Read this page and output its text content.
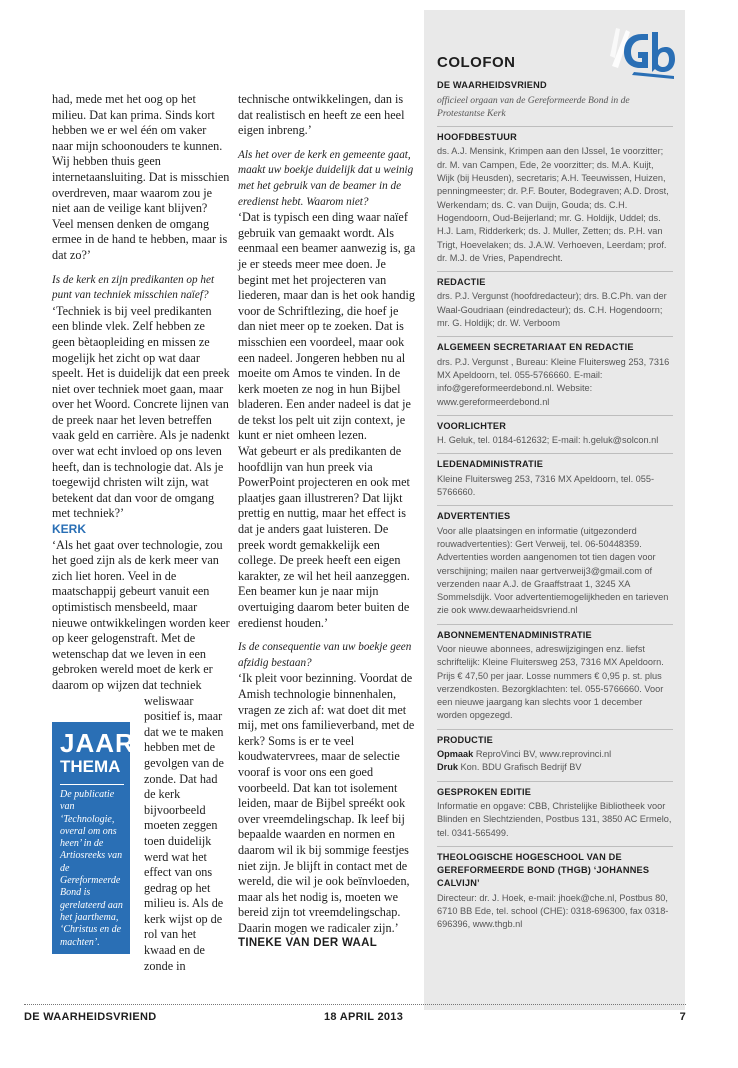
had, mede met het oog op het milieu. Dat kan prima. Sinds kort hebben we er wel één om vaker naar mijn schoonouders te kunnen. Wij hebben thuis geen internetaansluiting. Dat is misschien overdreven, maar waarom zou je niet aan de veilige kant blijven? Veel mensen denken de omgang ermee in de hand te hebben, maar is dat zo?’

Is de kerk en zijn predikanten op het punt van techniek misschien naïef?

‘Techniek is bij veel predikanten een blinde vlek. Zelf hebben ze geen bètaopleiding en missen ze mogelijk het zicht op wat daar speelt. Het is duidelijk dat een preek niet over techniek moet gaan, maar over het Woord. Concrete lijnen van de preek naar het leven betreffen vaak geld en carrière. Als je nadenkt over wat echt invloed op ons leven heeft, dan is technologie dat. Als je toegewijd christen wilt zijn, wat betekent dat dan voor de omgang met techniek?’

KERK

‘Als het gaat over technologie, zou het goed zijn als de kerk meer van zich liet horen. Veel in de maatschappij gebeurt vanuit een optimistisch mensbeeld, maar nieuwe ontwikkelingen worden keer op keer gelogenstraft. Met de wetenschap dat we leven in een gebroken wereld moet de kerk er daarom op wijzen dat techniek

weliswaar positief is, maar dat we te maken hebben met de gevolgen van de zonde. Dat had de kerk bijvoorbeeld moeten zeggen toen duidelijk werd wat het effect van ons gedrag op het milieu is. Als de kerk wijst op de rol van het kwaad en de zonde in

JAAR
THEMA
De publicatie van ‘Technologie, overal om ons heen’ in de Artiosreeks van de Gereformeerde Bond is gerelateerd aan het jaarthema, ‘Christus en de machten’.

technische ontwikkelingen, dan is dat realistisch en heeft ze een heel eigen inbreng.’

Als het over de kerk en gemeente gaat, maakt uw boekje duidelijk dat u weinig met het gebruik van de beamer in de eredienst hebt. Waarom niet?

‘Dat is typisch een ding waar naïef gebruik van gemaakt wordt. Als eenmaal een beamer aanwezig is, ga je er steeds meer mee doen. Je begint met het projecteren van liederen, maar dan is het ook handig voor de Schriftlezing, die hoef je dan niet meer op te zoeken. Dat is misschien een voordeel, maar ook een nadeel. Jongeren hebben nu al moeite om Amos te vinden. In de kerk moeten ze nog in hun Bijbel bladeren. Een ander nadeel is dat je de tekst los pelt uit zijn context, je kunt er niet omheen lezen.

Wat gebeurt er als predikanten de hoofdlijn van hun preek via PowerPoint projecteren en ook met plaatjes gaan illustreren? Dat lijkt prettig en nuttig, maar het effect is dat je anders gaat luisteren. De preek wordt gemakkelijk een college. De preek heeft een eigen karakter, ze wil het heil aanzeggen. Een beamer kun je naar mijn overtuiging daarom beter buiten de eredienst houden.’

Is de consequentie van uw boekje geen afzidig bestaan?

‘Ik pleit voor bezinning. Voordat de Amish technologie binnenhalen, vragen ze zich af: wat doet dit met mij, met ons familieverband, met de kerk? Soms is er te veel koudwatervrees, maar de selectie vooraf is voor ons een goed voorbeeld. Dat kan tot isolement leiden, maar de Bijbel spreékt ook over vreemdelingschap. Ik leef bij bepaalde waarden en normen en daarom wil ik bij sommige feestjes niet zijn. Je blijft in contact met de wereld, die wil je ook beïnvloeden, maar als het nodig is, moeten we bereid zijn tot vreemdelingschap. Daarin mogen we radicaler zijn.’

TINEKE VAN DER WAAL

COLOFON
DE WAARHEIDSVRIEND
officieel orgaan van de Gereformeerde Bond in de Protestantse Kerk
HOOFDBESTUUR
ds. A.J. Mensink, Krimpen aan den IJssel, 1e voorzitter; dr. M. van Campen, Ede, 2e voorzitter; ds. M.A. Kuijt, Wijk (bij Heusden), secretaris; A.H. Teeuwissen, Huizen, penningmeester; dr. P.F. Bouter, Bodegraven; A.D. Drost, Werkendam; ds. C. van Duijn, Gouda; ds. C.H. Hogendoorn, Oud-Beijerland; mr. G. Holdijk, Uddel; ds. H.J. Lam, Ridderkerk; ds. J. Muller, Zetten; ds. P.H. van Trigt, Hoevelaken; ds. J.A.W. Verhoeven, Leerdam; prof. dr. M.J. de Vries, Papendrecht.
REDACTIE
drs. P.J. Vergunst (hoofdredacteur); drs. B.C.Ph. van der Waal-Goudriaan (eindredacteur); ds. C.H. Hogendoorn; mr. G. Holdijk; dr. W. Verboom
ALGEMEEN SECRETARIAAT EN REDACTIE
drs. P.J. Vergunst , Bureau: Kleine Fluitersweg 253, 7316 MX Apeldoorn, tel. 055-5766660. E-mail: info@gereformeerdebond.nl. Website: www.gereformeerdebond.nl
VOORLICHTER
H. Geluk, tel. 0184-612632; E-mail: h.geluk@solcon.nl
LEDENADMINISTRATIE
Kleine Fluitersweg 253, 7316 MX Apeldoorn, tel. 055-5766660.
ADVERTENTIES
Voor alle plaatsingen en informatie (uitgezonderd rouwadvertenties): Gert Verweij, tel. 06-50448359. Advertenties worden aangenomen tot tien dagen voor verschijning; mailen naar gertverweij3@gmail.com of verzenden naar A.J. de Graaffstraat 1, 3245 XA Sommelsdijk. Voor advertentiemogelijkheden en tarieven zie ook www.dewaarheidsvriend.nl
ABONNEMENTENADMINISTRATIE
Voor nieuwe abonnees, adreswijzigingen enz. liefst schriftelijk: Kleine Fluitersweg 253, 7316 MX Apeldoorn. Prijs € 47,50 per jaar. Losse nummers € 0,95 p. st. plus verzendkosten. Bezorgklachten: tel. 055-5766660. Voor een nieuwe jaargang kan slechts voor 1 december worden opgezegd.
PRODUCTIE
Opmaak ReproVinci BV, www.reprovinci.nl
Druk Kon. BDU Grafisch Bedrijf BV
GESPROKEN EDITIE
Informatie en opgave: CBB, Christelijke Bibliotheek voor Blinden en Slechtzienden, Postbus 131, 3850 AC Ermelo, tel. 0341-565499.
THEOLOGISCHE HOGESCHOOL VAN DE GEREFORMEERDE BOND (THGB) ‘JOHANNES CALVIJN’
Directeur: dr. J. Hoek, e-mail: jhoek@che.nl, Postbus 80, 6710 BB Ede, tel. school (CHE): 0318-696300, fax 0318-696396, www.thgb.nl
DE WAARHEIDSVRIEND	18 APRIL 2013	7
